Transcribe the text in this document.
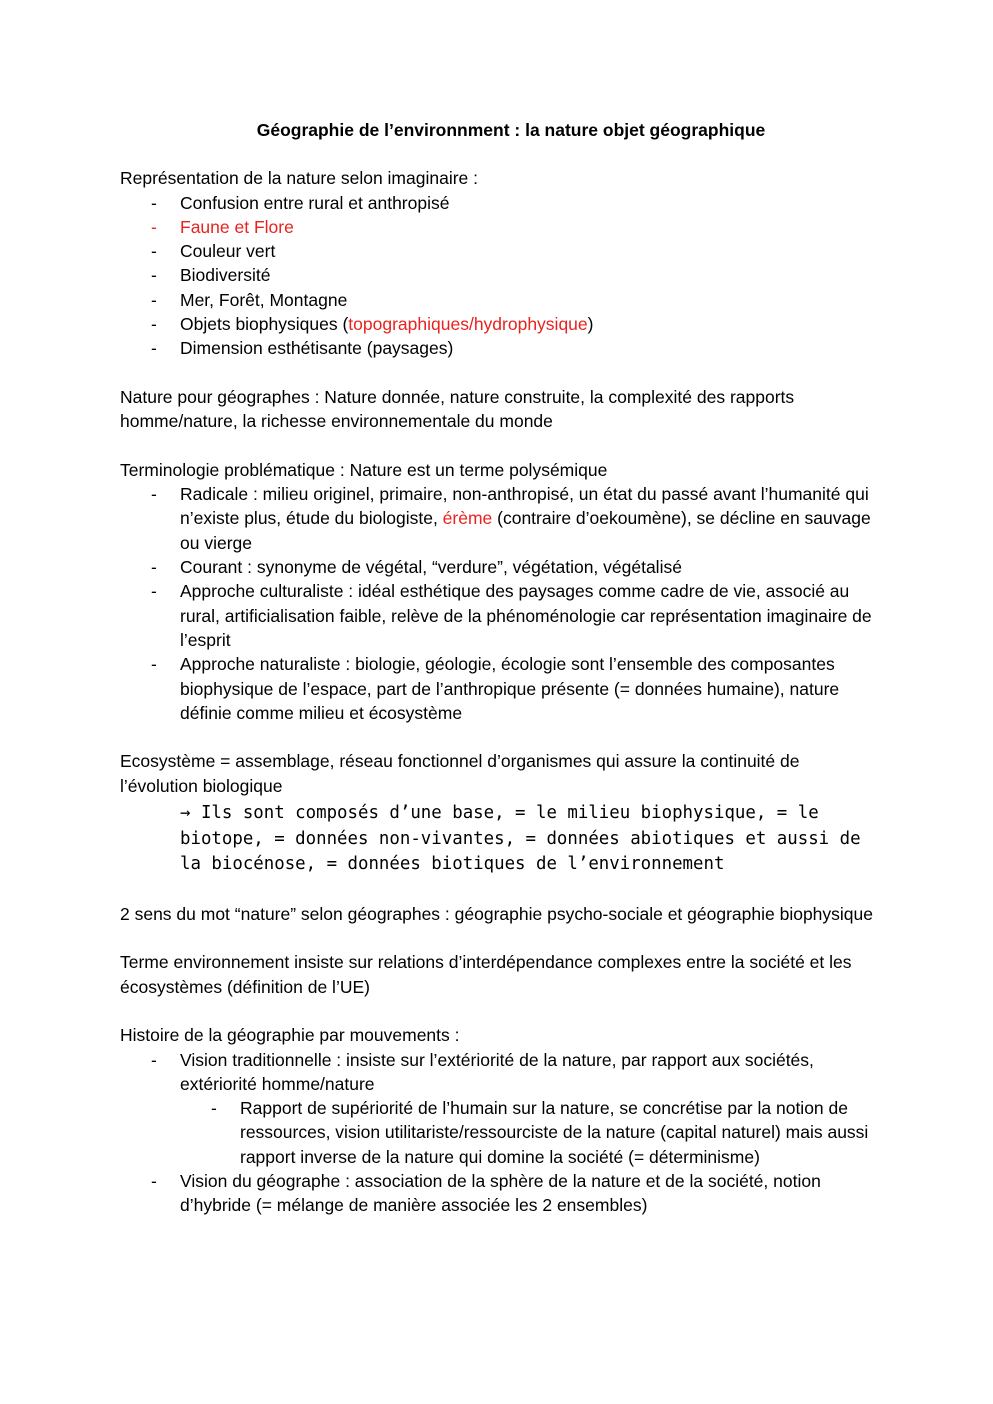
Géographie de l’environnment : la nature objet géographique

Représentation de la nature selon imaginaire :

- Confusion entre rural et anthropisé
- Faune et Flore
- Couleur vert
- Biodiversité
- Mer, Forêt, Montagne
- Objets biophysiques (topographiques/hydrophysique)
- Dimension esthétisante (paysages)

Nature pour géographes : Nature donnée, nature construite, la complexité des rapports homme/nature, la richesse environnementale du monde

Terminologie problématique : Nature est un terme polysémique

- Radicale : milieu originel, primaire, non-anthropisé, un état du passé avant l’humanité qui n’existe plus, étude du biologiste, érème (contraire d’oekoumène), se décline en sauvage ou vierge
- Courant : synonyme de végétal, “verdure”, végétation, végétalisé
- Approche culturaliste : idéal esthétique des paysages comme cadre de vie, associé au rural, artificialisation faible, relève de la phénoménologie car représentation imaginaire de l’esprit
- Approche naturaliste : biologie, géologie, écologie sont l’ensemble des composantes biophysique de l’espace, part de l’anthropique présente (= données humaine), nature définie comme milieu et écosystème

Ecosystème = assemblage, réseau fonctionnel d’organismes qui assure la continuité de l’évolution biologique

→ Ils sont composés d’une base, = le milieu biophysique, = le biotope, = données non-vivantes, = données abiotiques et aussi de la biocénose, = données biotiques de l’environnement

2 sens du mot “nature” selon géographes : géographie psycho-sociale et géographie biophysique

Terme environnement insiste sur relations d’interdépendance complexes entre la société et les écosystèmes (définition de l’UE)

Histoire de la géographie par mouvements :

- Vision traditionnelle : insiste sur l’extériorité de la nature, par rapport aux sociétés, extériorité homme/nature
- Rapport de supériorité de l’humain sur la nature, se concrétise par la notion de ressources, vision utilitariste/ressourciste de la nature (capital naturel) mais aussi rapport inverse de la nature qui domine la société (= déterminisme)
- Vision du géographe : association de la sphère de la nature et de la société, notion d’hybride (= mélange de manière associée les 2 ensembles)
